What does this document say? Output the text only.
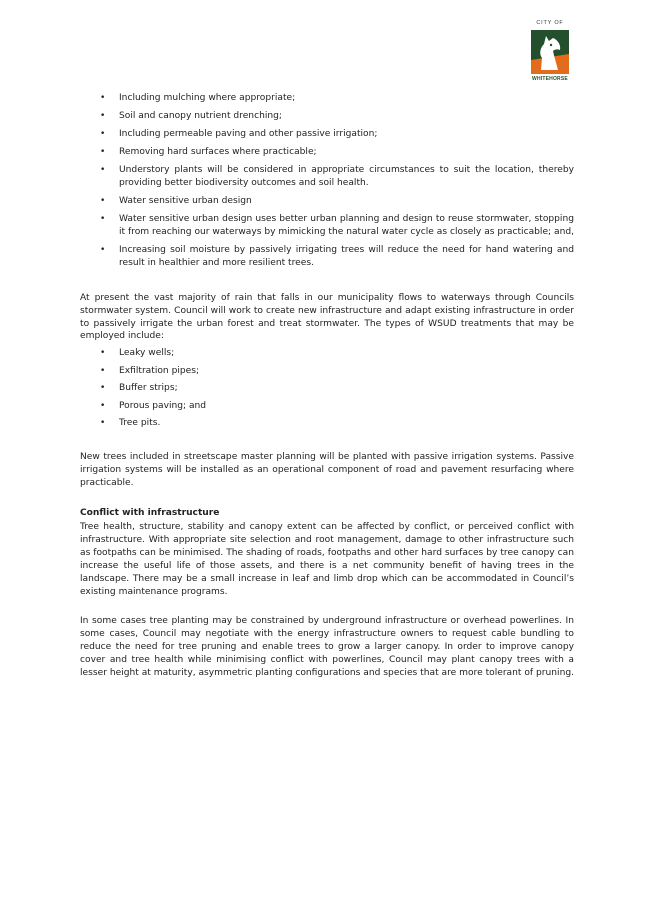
CITY OF
WHITEHORSE
• Including mulching where appropriate;
• Soil and canopy nutrient drenching;
• Including permeable paving and other passive irrigation;
• Removing hard surfaces where practicable;
• Understory plants will be considered in appropriate circumstances to suit the location, thereby providing better biodiversity outcomes and soil health.
• Water sensitive urban design
• Water sensitive urban design uses better urban planning and design to reuse stormwater, stopping it from reaching our waterways by mimicking the natural water cycle as closely as practicable; and,
• Increasing soil moisture by passively irrigating trees will reduce the need for hand watering and result in healthier and more resilient trees.

At present the vast majority of rain that falls in our municipality flows to waterways through Councils stormwater system. Council will work to create new infrastructure and adapt existing infrastructure in order to passively irrigate the urban forest and treat stormwater. The types of WSUD treatments that may be employed include:

• Leaky wells;
• Exfiltration pipes;
• Buffer strips;
• Porous paving; and
• Tree pits.

New trees included in streetscape master planning will be planted with passive irrigation systems. Passive irrigation systems will be installed as an operational component of road and pavement resurfacing where practicable.

Conflict with infrastructure

Tree health, structure, stability and canopy extent can be affected by conflict, or perceived conflict with infrastructure. With appropriate site selection and root management, damage to other infrastructure such as footpaths can be minimised. The shading of roads, footpaths and other hard surfaces by tree canopy can increase the useful life of those assets, and there is a net community benefit of having trees in the landscape. There may be a small increase in leaf and limb drop which can be accommodated in Council’s existing maintenance programs.

In some cases tree planting may be constrained by underground infrastructure or overhead powerlines. In some cases, Council may negotiate with the energy infrastructure owners to request cable bundling to reduce the need for tree pruning and enable trees to grow a larger canopy. In order to improve canopy cover and tree health while minimising conflict with powerlines, Council may plant canopy trees with a lesser height at maturity, asymmetric planting configurations and species that are more tolerant of pruning.
